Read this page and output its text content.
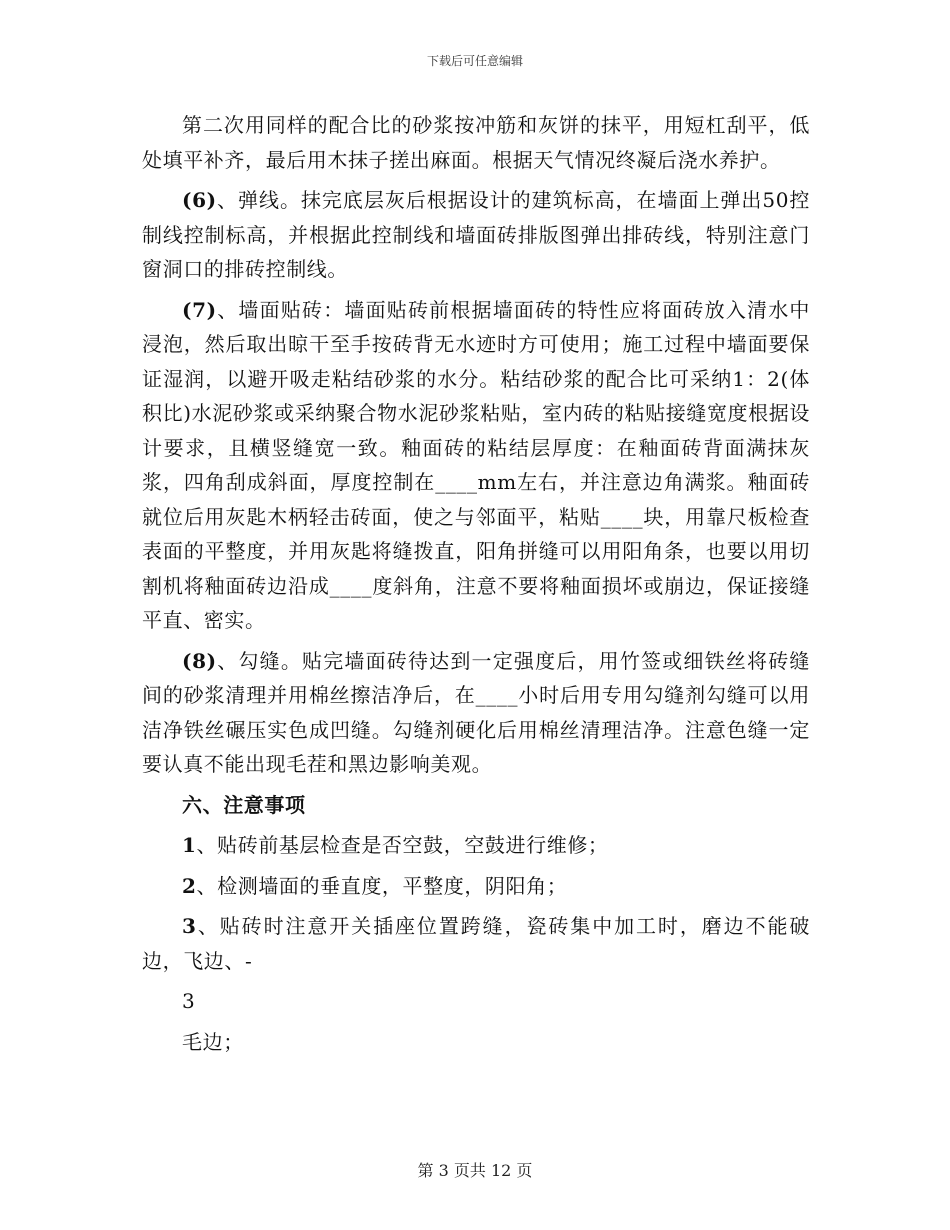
下载后可任意编辑

第二次用同样的配合比的砂浆按冲筋和灰饼的抹平，用短杠刮平，低处填平补齐，最后用木抹子搓出麻面。根据天气情况终凝后浇水养护。

(6)、弹线。抹完底层灰后根据设计的建筑标高，在墙面上弹出50控制线控制标高，并根据此控制线和墙面砖排版图弹出排砖线，特别注意门窗洞口的排砖控制线。

(7)、墙面贴砖：墙面贴砖前根据墙面砖的特性应将面砖放入清水中浸泡，然后取出晾干至手按砖背无水迹时方可使用；施工过程中墙面要保证湿润，以避开吸走粘结砂浆的水分。粘结砂浆的配合比可采纳1：2(体积比)水泥砂浆或采纳聚合物水泥砂浆粘贴，室内砖的粘贴接缝宽度根据设计要求，且横竖缝宽一致。釉面砖的粘结层厚度：在釉面砖背面满抹灰浆，四角刮成斜面，厚度控制在____mm左右，并注意边角满浆。釉面砖就位后用灰匙木柄轻击砖面，使之与邻面平，粘贴____块，用靠尺板检查表面的平整度，并用灰匙将缝拨直，阳角拼缝可以用阳角条，也要以用切割机将釉面砖边沿成____度斜角，注意不要将釉面损坏或崩边，保证接缝平直、密实。

(8)、勾缝。贴完墙面砖待达到一定强度后，用竹签或细铁丝将砖缝间的砂浆清理并用棉丝擦洁净后，在____小时后用专用勾缝剂勾缝可以用洁净铁丝碾压实色成凹缝。勾缝剂硬化后用棉丝清理洁净。注意色缝一定要认真不能出现毛茬和黑边影响美观。

六、注意事项

1、贴砖前基层检查是否空鼓，空鼓进行维修；

2、检测墙面的垂直度，平整度，阴阳角；

3、贴砖时注意开关插座位置跨缝，瓷砖集中加工时，磨边不能破边，飞边、-

3

毛边；

第 3 页共 12 页
